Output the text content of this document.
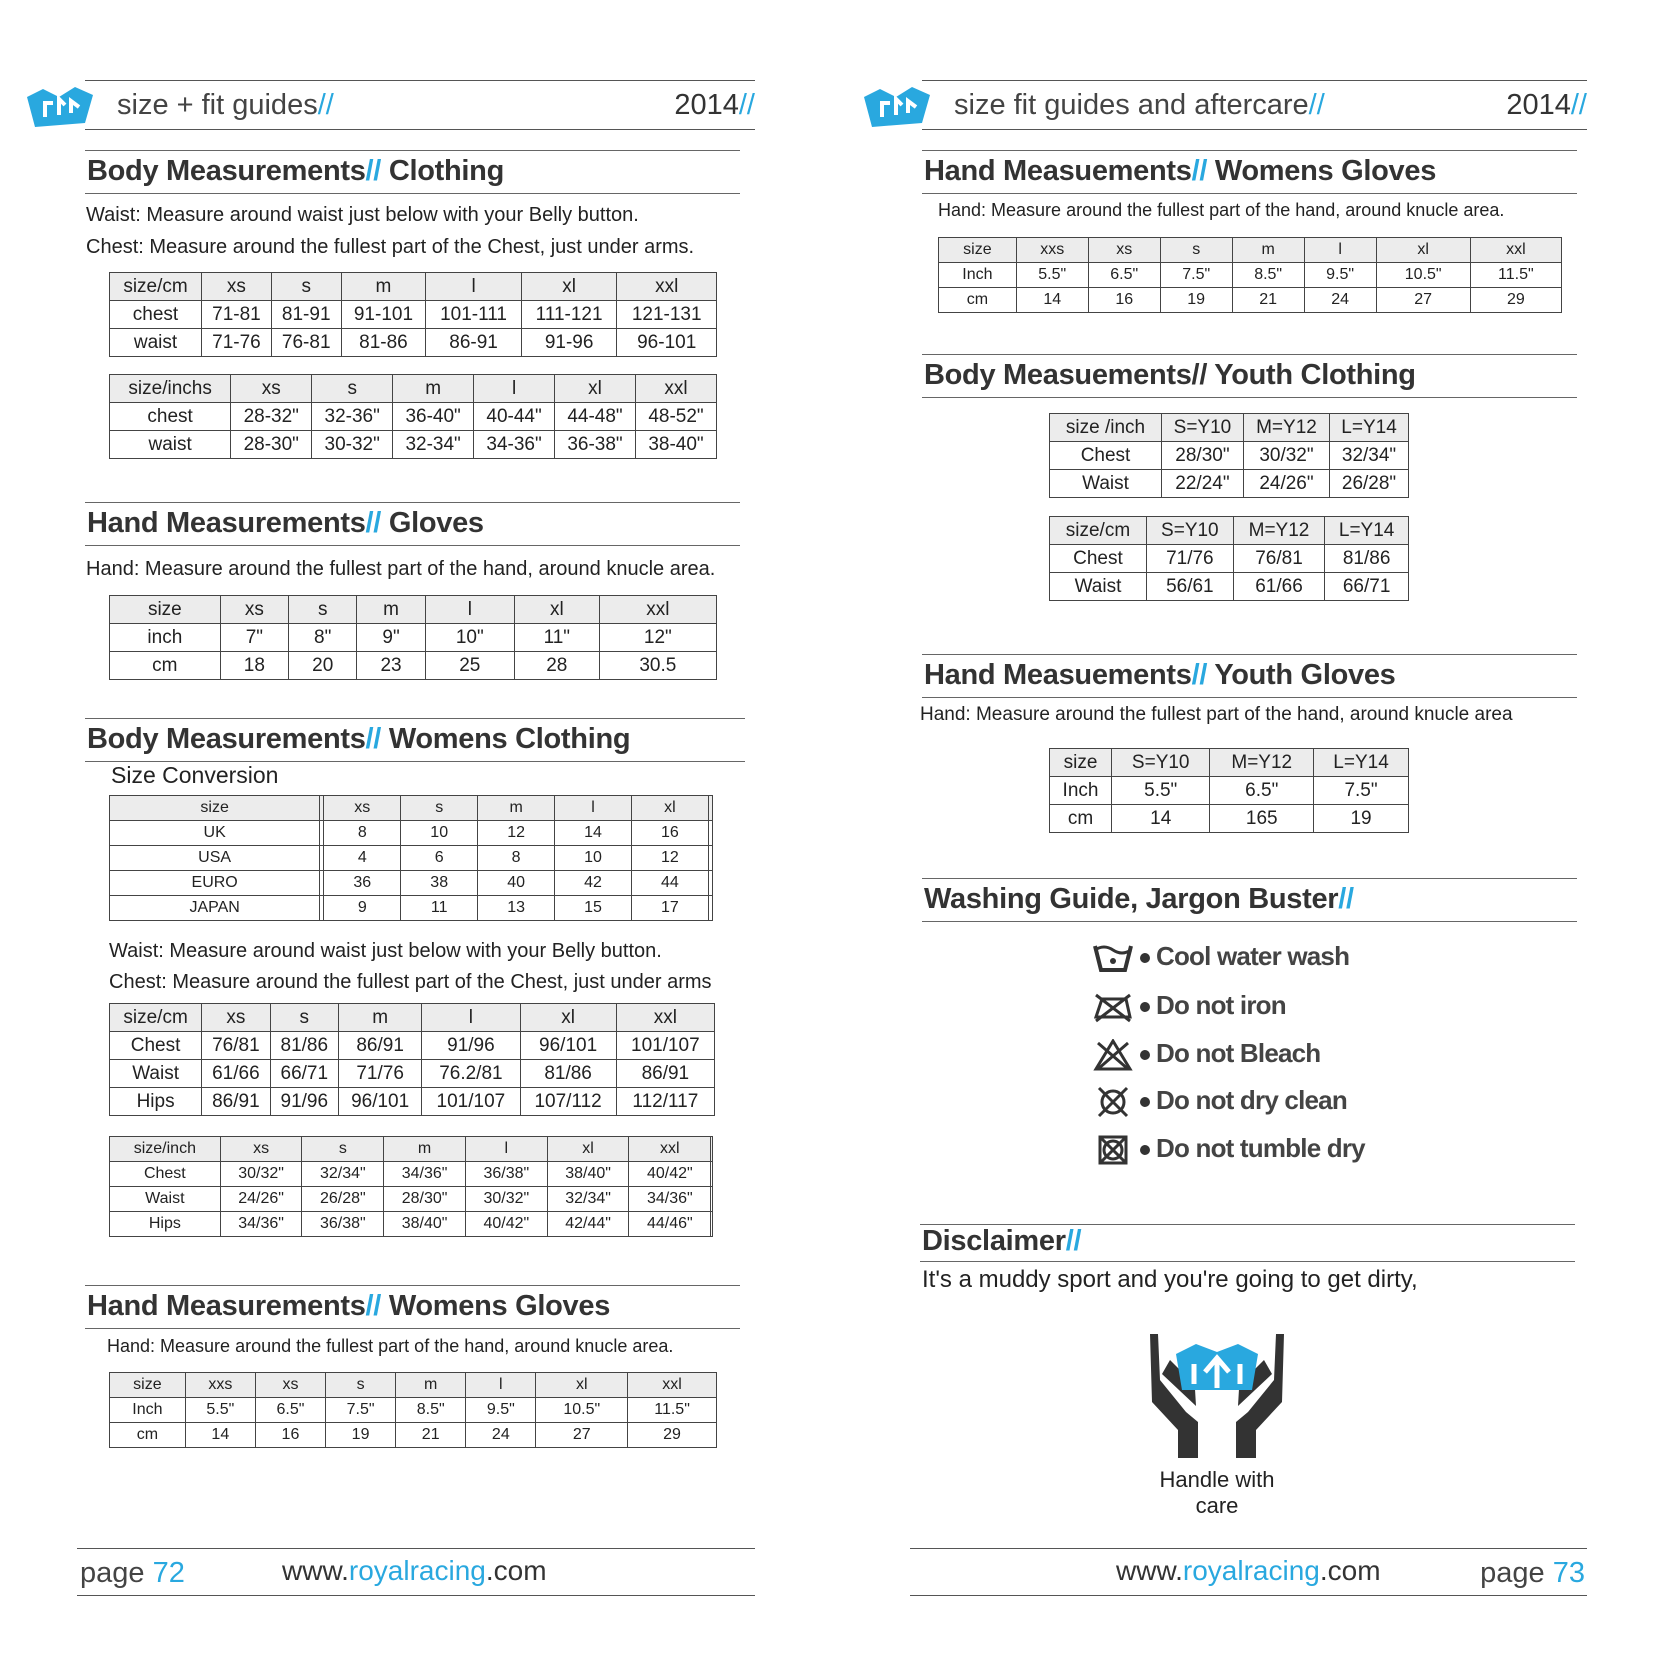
size + fit guides//	2014//
Body Measurements// Clothing
Waist: Measure around waist just below with your Belly button.
Chest: Measure around the fullest part of the Chest, just under arms.
size/cm	xs	s	m	l	xl	xxl
chest	71-81	81-91	91-101	101-111	111-121	121-131
waist	71-76	76-81	81-86	86-91	91-96	96-101
size/inchs	xs	s	m	l	xl	xxl
chest	28-32"	32-36"	36-40"	40-44"	44-48"	48-52"
waist	28-30"	30-32"	32-34"	34-36"	36-38"	38-40"
Hand Measurements// Gloves
Hand: Measure around the fullest part of the hand, around knucle area.
size	xs	s	m	l	xl	xxl
inch	7"	8"	9"	10"	11"	12"
cm	18	20	23	25	28	30.5
Body Measurements// Womens Clothing
Size Conversion
size		xs	s	m	l	xl	
UK		8	10	12	14	16	
USA		4	6	8	10	12	
EURO		36	38	40	42	44	
JAPAN		9	11	13	15	17	
Waist: Measure around waist just below with your Belly button.
Chest: Measure around the fullest part of the Chest, just under arms
size/cm	xs	s	m	l	xl	xxl
Chest	76/81	81/86	86/91	91/96	96/101	101/107
Waist	61/66	66/71	71/76	76.2/81	81/86	86/91
Hips	86/91	91/96	96/101	101/107	107/112	112/117
size/inch	xs	s	m	l	xl	xxl	
Chest	30/32"	32/34"	34/36"	36/38"	38/40"	40/42"	
Waist	24/26"	26/28"	28/30"	30/32"	32/34"	34/36"	
Hips	34/36"	36/38"	38/40"	40/42"	42/44"	44/46"	
Hand Measurements// Womens Gloves
Hand: Measure around the fullest part of the hand, around knucle area.
size	xxs	xs	s	m	l	xl	xxl
Inch	5.5"	6.5"	7.5"	8.5"	9.5"	10.5"	11.5"
cm	14	16	19	21	24	27	29
page 72	www.royalracing.com
size fit guides and aftercare//	2014//
Hand Measuements// Womens Gloves
Hand: Measure around the fullest part of the hand, around knucle area.
size	xxs	xs	s	m	l	xl	xxl
Inch	5.5"	6.5"	7.5"	8.5"	9.5"	10.5"	11.5"
cm	14	16	19	21	24	27	29
Body Measuements// Youth Clothing
size /inch	S=Y10	M=Y12	L=Y14
Chest	28/30"	30/32"	32/34"
Waist	22/24"	24/26"	26/28"
size/cm	S=Y10	M=Y12	L=Y14
Chest	71/76	76/81	81/86
Waist	56/61	61/66	66/71
Hand Measuements// Youth Gloves
Hand: Measure around the fullest part of the hand, around knucle area
size	S=Y10	M=Y12	L=Y14
Inch	5.5"	6.5"	7.5"
cm	14	165	19
Washing Guide, Jargon Buster//
Cool water wash
Do not iron
Do not Bleach
Do not dry clean
Do not tumble dry
Disclaimer//
It's a muddy sport and you're going to get dirty,
Handle with
care
www.royalracing.com	page 73
